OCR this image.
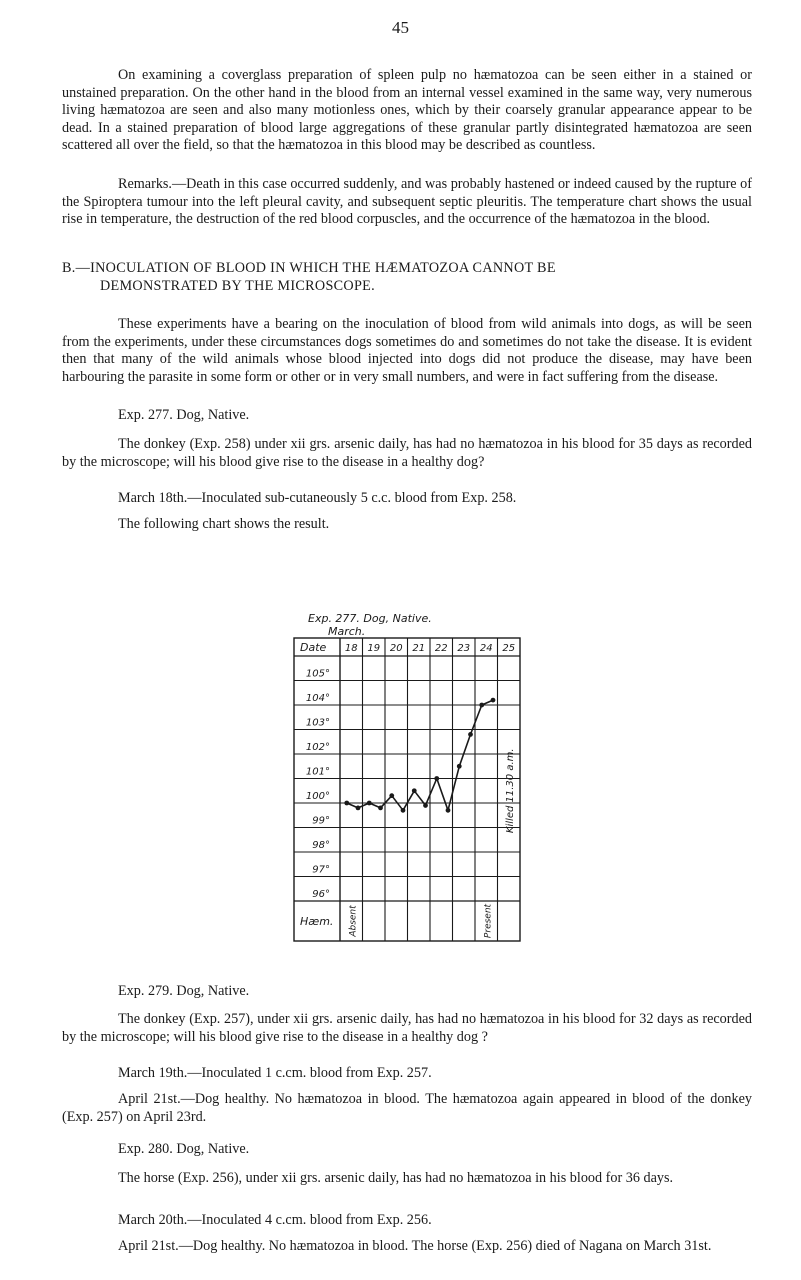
45

On examining a coverglass preparation of spleen pulp no hæmatozoa can be seen either in a stained or unstained preparation. On the other hand in the blood from an internal vessel examined in the same way, very numerous living hæmatozoa are seen and also many motionless ones, which by their coarsely granular appearance appear to be dead. In a stained preparation of blood large aggregations of these granular partly disintegrated hæmatozoa are seen scattered all over the field, so that the hæmatozoa in this blood may be described as countless.

Remarks.—Death in this case occurred suddenly, and was probably hastened or indeed caused by the rupture of the Spiroptera tumour into the left pleural cavity, and subsequent septic pleuritis. The temperature chart shows the usual rise in temperature, the destruction of the red blood corpuscles, and the occurrence of the hæmatozoa in the blood.

B.—INOCULATION OF BLOOD IN WHICH THE HÆMATOZOA CANNOT BE
DEMONSTRATED BY THE MICROSCOPE.

These experiments have a bearing on the inoculation of blood from wild animals into dogs, as will be seen from the experiments, under these circumstances dogs sometimes do and sometimes do not take the disease. It is evident then that many of the wild animals whose blood injected into dogs did not produce the disease, may have been harbouring the parasite in some form or other or in very small numbers, and were in fact suffering from the disease.

Exp. 277. Dog, Native.

The donkey (Exp. 258) under xii grs. arsenic daily, has had no hæmatozoa in his blood for 35 days as recorded by the microscope; will his blood give rise to the disease in a healthy dog?

March 18th.—Inoculated sub-cutaneously 5 c.c. blood from Exp. 258.

The following chart shows the result.

Exp. 277. Dog, Native.
March.
Date 18 19 20 21 22 23 24 25
105°
104°
103°
102°
101°
100°
99°
98°
97°
96°
Hæm.
Killed 11.30 a.m.
Absent	Present

Exp. 279. Dog, Native.

The donkey (Exp. 257), under xii grs. arsenic daily, has had no hæmatozoa in his blood for 32 days as recorded by the microscope; will his blood give rise to the disease in a healthy dog ?

March 19th.—Inoculated 1 c.cm. blood from Exp. 257.

April 21st.—Dog healthy. No hæmatozoa in blood. The hæmatozoa again appeared in blood of the donkey (Exp. 257) on April 23rd.

Exp. 280. Dog, Native.

The horse (Exp. 256), under xii grs. arsenic daily, has had no hæmatozoa in his blood for 36 days.

March 20th.—Inoculated 4 c.cm. blood from Exp. 256.

April 21st.—Dog healthy. No hæmatozoa in blood. The horse (Exp. 256) died of Nagana on March 31st.
